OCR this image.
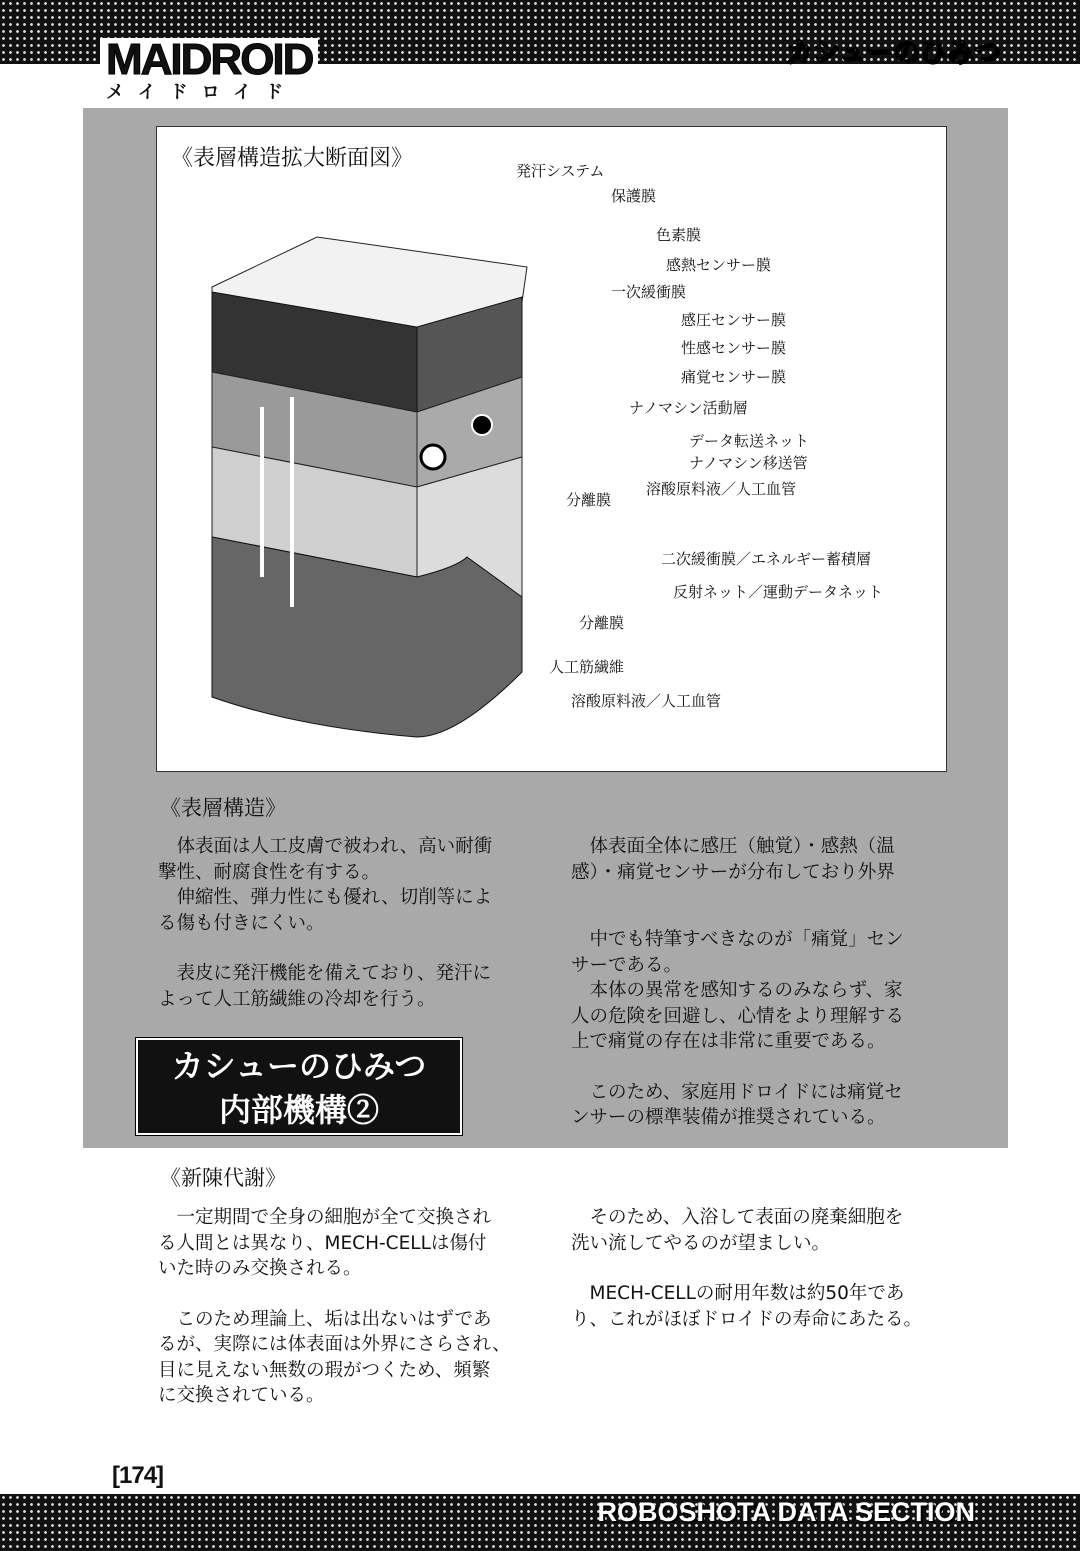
MAIDROID
メイドロイド
カシューのひみつ
《表層構造拡大断面図》	発汗システム
保護膜
色素膜
感熱センサー膜
一次緩衝膜
感圧センサー膜
性感センサー膜
痛覚センサー膜
ナノマシン活動層
データ転送ネット
ナノマシン移送管
溶酸原料液／人工血管
分離膜
二次緩衝膜／エネルギー蓄積層
反射ネット／運動データネット
分離膜
人工筋繊維
溶酸原料液／人工血管
《表層構造》

　体表面は人工皮膚で被われ、高い耐衝
撃性、耐腐食性を有する。
　伸縮性、弾力性にも優れ、切削等によ
る傷も付きにくい。

　表皮に発汗機能を備えており、発汗に
よって人工筋繊維の冷却を行う。

　体表面全体に感圧（触覚）・感熱（温
感）・痛覚センサーが分布しており外界

　中でも特筆すべきなのが「痛覚」セン
サーである。
　本体の異常を感知するのみならず、家
人の危険を回避し、心情をより理解する
上で痛覚の存在は非常に重要である。

　このため、家庭用ドロイドには痛覚セ
ンサーの標準装備が推奨されている。

カシューのひみつ
内部機構②
《新陳代謝》

　一定期間で全身の細胞が全て交換され
る人間とは異なり、MECH-CELLは傷付
いた時のみ交換される。

　このため理論上、垢は出ないはずであ
るが、実際には体表面は外界にさらされ、
目に見えない無数の瑕がつくため、頻繁
に交換されている。

　そのため、入浴して表面の廃棄細胞を
洗い流してやるのが望ましい。

　MECH-CELLの耐用年数は約50年であ
り、これがほぼドロイドの寿命にあたる。

[174]
ROBOSHOTA DATA SECTION
